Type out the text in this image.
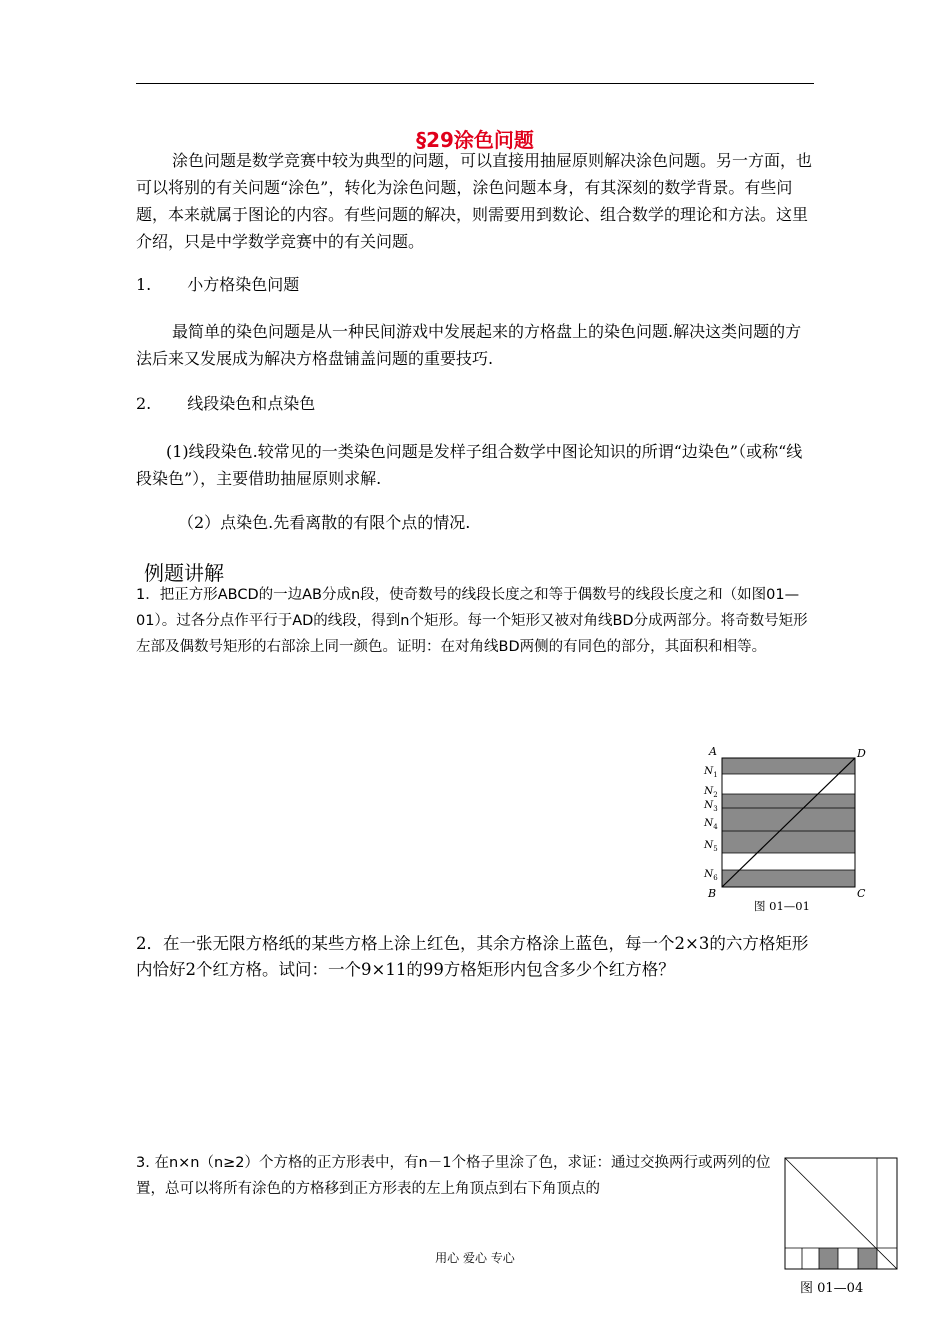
§29涂色问题
涂色问题是数学竞赛中较为典型的问题，可以直接用抽屉原则解决涂色问题。另一方面，也可以将别的有关问题“涂色”，转化为涂色问题，涂色问题本身，有其深刻的数学背景。有些问题，本来就属于图论的内容。有些问题的解决，则需要用到数论、组合数学的理论和方法。这里介绍，只是中学数学竞赛中的有关问题。
1. 小方格染色问题
最简单的染色问题是从一种民间游戏中发展起来的方格盘上的染色问题.解决这类问题的方法后来又发展成为解决方格盘铺盖问题的重要技巧.
2. 线段染色和点染色
(1)线段染色.较常见的一类染色问题是发样子组合数学中图论知识的所谓“边染色”（或称“线段染色”），主要借助抽屉原则求解.
（2）点染色.先看离散的有限个点的情况.
例题讲解
1．把正方形ABCD的一边AB分成n段，使奇数号的线段长度之和等于偶数号的线段长度之和（如图01—01）。过各分点作平行于AD的线段，得到n个矩形。每一个矩形又被对角线BD分成两部分。将奇数号矩形左部及偶数号矩形的右部涂上同一颜色。证明：在对角线BD两侧的有同色的部分，其面积和相等。
A	D
B	C
$N_1$
$N_2$
$N_3$
$N_4$
$N_5$
$N_6$
图 01—01
2．在一张无限方格纸的某些方格上涂上红色，其余方格涂上蓝色，每一个2×3的六方格矩形内恰好2个红方格。试问：一个9×11的99方格矩形内包含多少个红方格？
3. 在n×n（n≥2）个方格的正方形表中，有n－1个格子里涂了色，求证：通过交换两行或两列的位置，总可以将所有涂色的方格移到正方形表的左上角顶点到右下角顶点的
图 01—04
用心 爱心 专心
